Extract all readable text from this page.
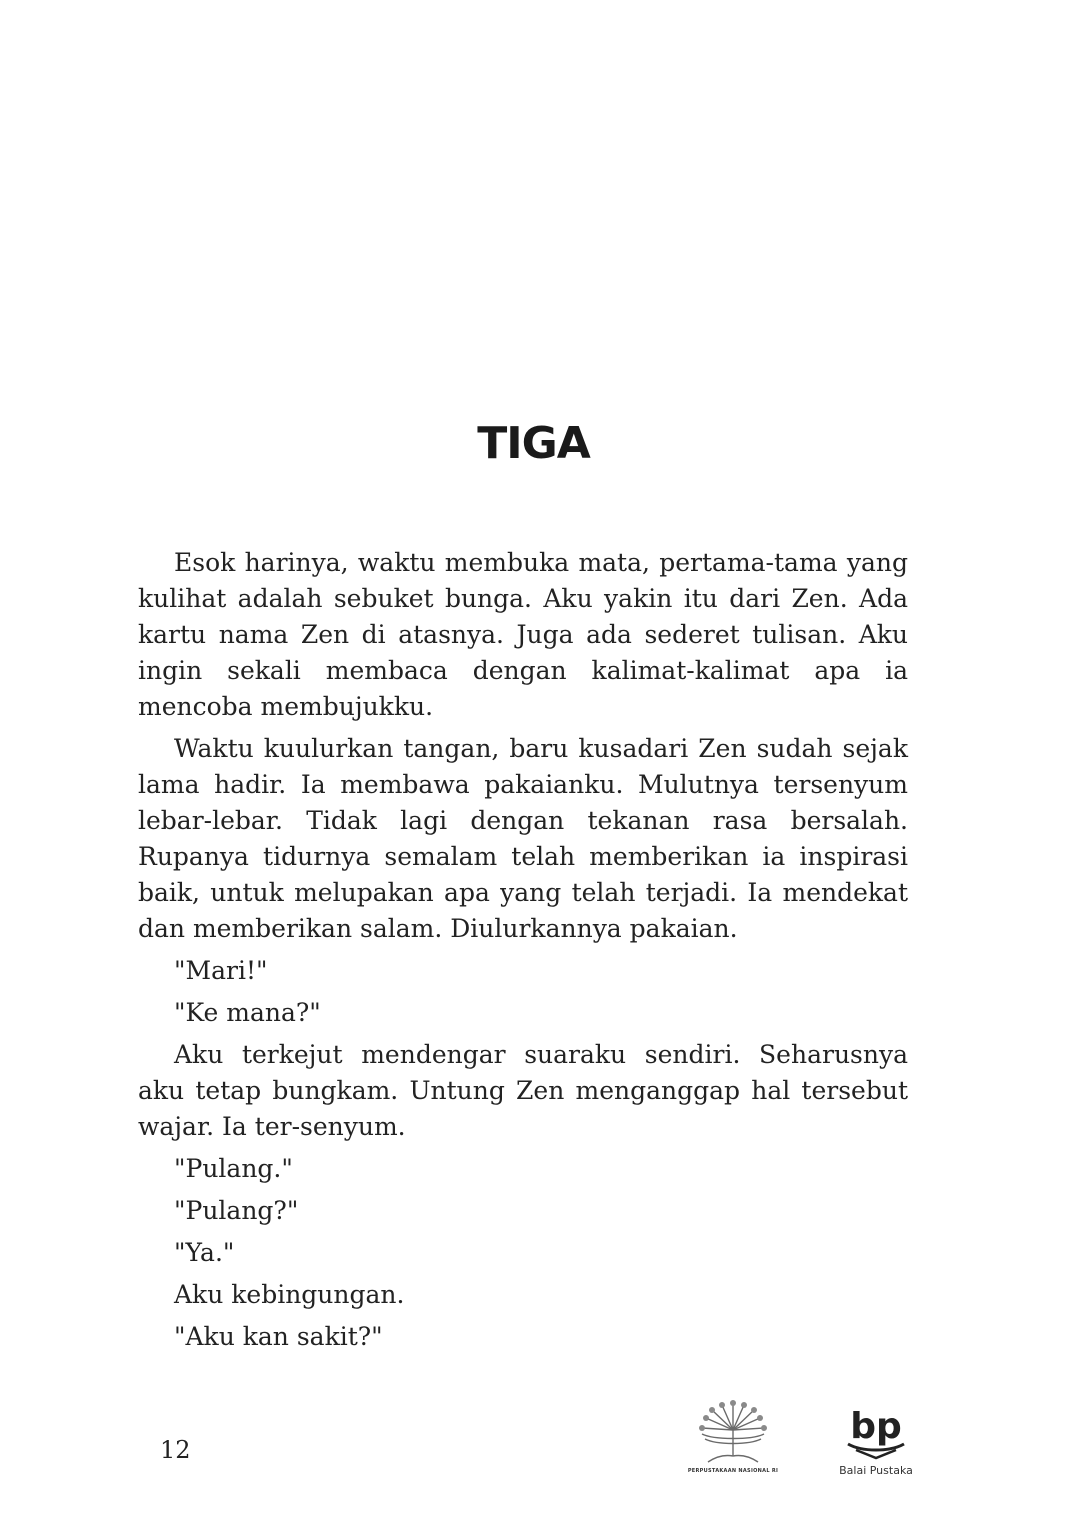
TIGA

Esok harinya, waktu membuka mata, pertama-tama yang kulihat adalah sebuket bunga. Aku yakin itu dari Zen. Ada kartu nama Zen di atasnya. Juga ada sederet tulisan. Aku ingin sekali membaca dengan kalimat-kalimat apa ia mencoba membujukku.

Waktu kuulurkan tangan, baru kusadari Zen sudah sejak lama hadir. Ia membawa pakaianku. Mulutnya tersenyum lebar-lebar. Tidak lagi dengan tekanan rasa bersalah. Rupanya tidurnya semalam telah memberikan ia inspirasi baik, untuk melupakan apa yang telah terjadi. Ia mendekat dan memberikan salam. Diulurkannya pakaian.

"Mari!"

"Ke mana?"

Aku terkejut mendengar suaraku sendiri. Seharusnya aku tetap bungkam. Untung Zen menganggap hal tersebut wajar. Ia ter-senyum.

"Pulang."

"Pulang?"

"Ya."

Aku kebingungan.

"Aku kan sakit?"

12
PERPUSTAKAAN NASIONAL RI
bp
Balai Pustaka
